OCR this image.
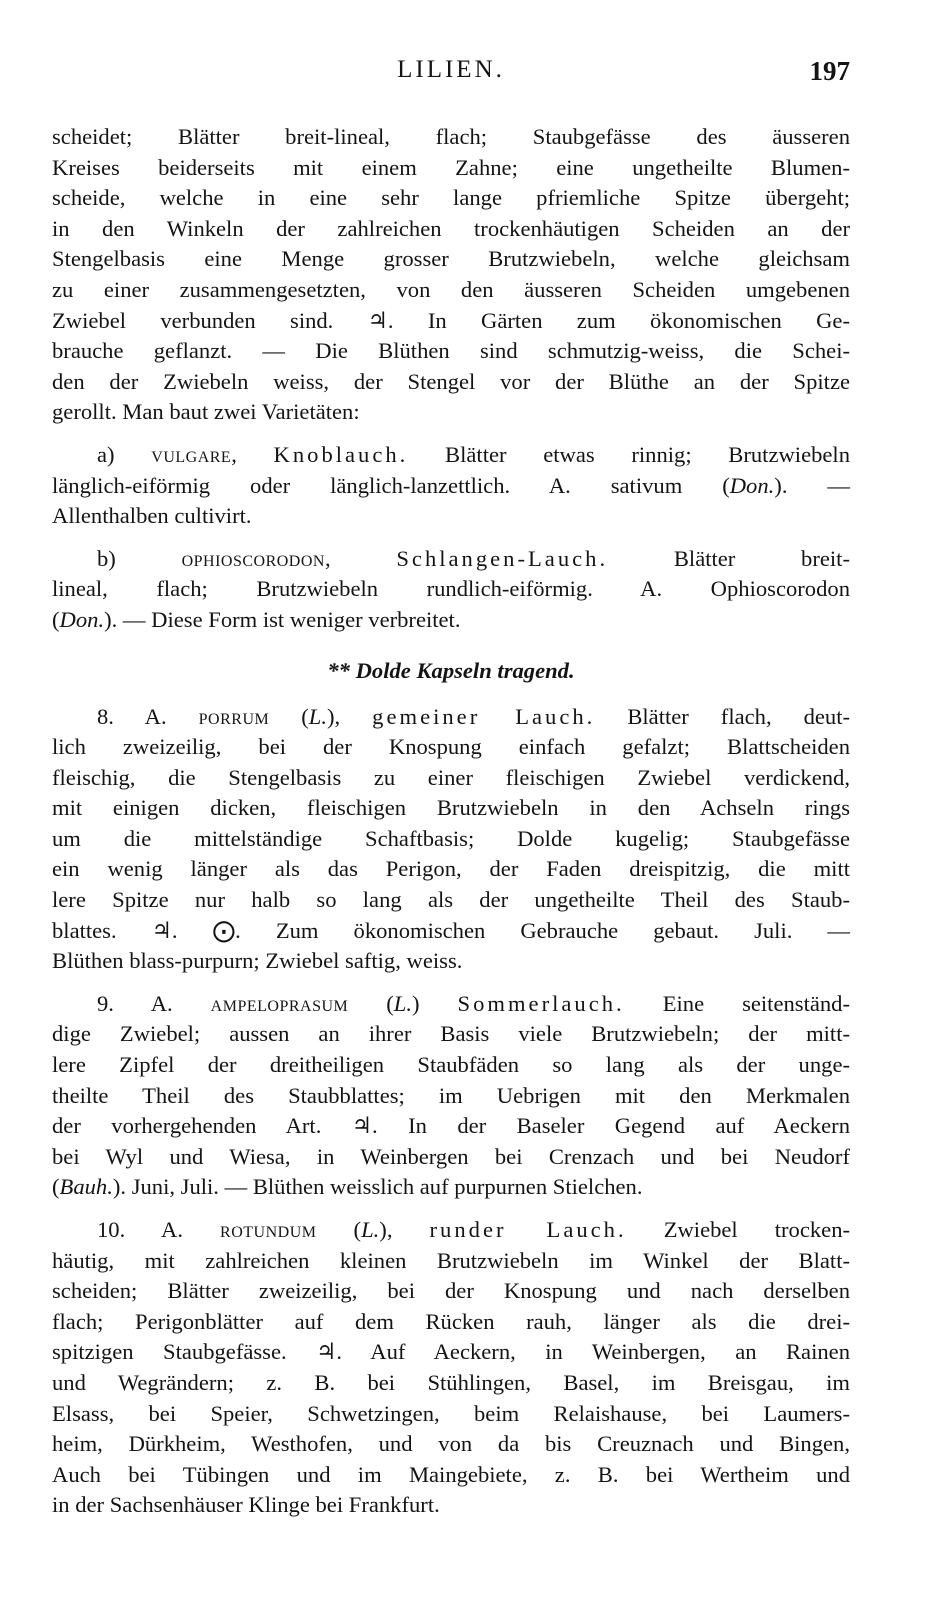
LILIEN.	197

scheidet; Blätter breit-lineal, flach; Staubgefässe des äusseren
Kreises beiderseits mit einem Zahne; eine ungetheilte Blumen-
scheide, welche in eine sehr lange pfriemliche Spitze übergeht;
in den Winkeln der zahlreichen trockenhäutigen Scheiden an der
Stengelbasis eine Menge grosser Brutzwiebeln, welche gleichsam
zu einer zusammengesetzten, von den äusseren Scheiden umgebenen
Zwiebel verbunden sind. ♃. In Gärten zum ökonomischen Ge-
brauche geflanzt. — Die Blüthen sind schmutzig-weiss, die Schei-
den der Zwiebeln weiss, der Stengel vor der Blüthe an der Spitze
gerollt. Man baut zwei Varietäten:

a) vulgare, Knoblauch. Blätter etwas rinnig; Brutzwiebeln
länglich-eiförmig oder länglich-lanzettlich. A. sativum (Don.). —
Allenthalben cultivirt.

b)	ophioscorodon, Schlangen-Lauch.	Blätter breit-
lineal, flach; Brutzwiebeln rundlich-eiförmig. A. Ophioscorodon
(Don.). — Diese Form ist weniger verbreitet.

** Dolde Kapseln tragend.

8. A. porrum (L.), gemeiner Lauch. Blätter flach, deut-
lich zweizeilig, bei der Knospung einfach gefalzt; Blattscheiden
fleischig, die Stengelbasis zu einer fleischigen Zwiebel verdickend,
mit einigen dicken, fleischigen Brutzwiebeln in den Achseln rings
um die mittelständige Schaftbasis; Dolde kugelig; Staubgefässe
ein wenig länger als das Perigon, der Faden dreispitzig, die mitt
lere Spitze nur halb so lang als der ungetheilte Theil des Staub-
blattes. ♃. ⨀. Zum ökonomischen Gebrauche gebaut. Juli. —
Blüthen blass-purpurn; Zwiebel saftig, weiss.

9. A. ampeloprasum (L.) Sommerlauch. Eine seitenständ-
dige Zwiebel; aussen an ihrer Basis viele Brutzwiebeln; der mitt-
lere Zipfel der dreitheiligen Staubfäden so lang als der unge-
theilte Theil des Staubblattes; im Uebrigen mit den Merkmalen
der vorhergehenden Art. ♃. In der Baseler Gegend auf Aeckern
bei Wyl und Wiesa, in Weinbergen bei Crenzach und bei Neudorf
(Bauh.). Juni, Juli. — Blüthen weisslich auf purpurnen Stielchen.

10. A. rotundum (L.), runder Lauch. Zwiebel trocken-
häutig, mit zahlreichen kleinen Brutzwiebeln im Winkel der Blatt-
scheiden; Blätter zweizeilig, bei der Knospung und nach derselben
flach; Perigonblätter auf dem Rücken rauh, länger als die drei-
spitzigen Staubgefässe. ♃. Auf Aeckern, in Weinbergen, an Rainen
und Wegrändern; z. B. bei Stühlingen, Basel, im Breisgau, im
Elsass, bei Speier, Schwetzingen, beim Relaishause, bei Laumers-
heim, Dürkheim, Westhofen, und von da bis Creuznach und Bingen,
Auch bei Tübingen und im Maingebiete, z. B. bei Wertheim und
in der Sachsenhäuser Klinge bei Frankfurt.
